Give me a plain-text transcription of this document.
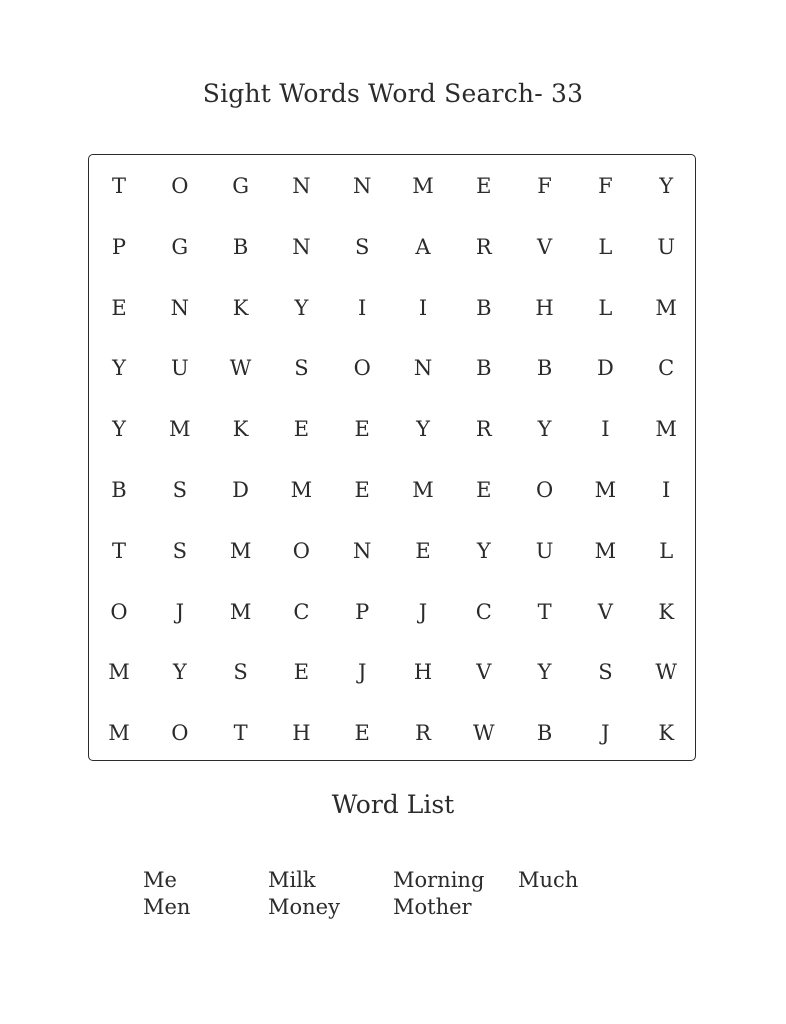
Sight Words Word Search- 33
T	O	G	N	N	M	E	F	F	Y
P	G	B	N	S	A	R	V	L	U
E	N	K	Y	I	I	B	H	L	M
Y	U	W	S	O	N	B	B	D	C
Y	M	K	E	E	Y	R	Y	I	M
B	S	D	M	E	M	E	O	M	I
T	S	M	O	N	E	Y	U	M	L
O	J	M	C	P	J	C	T	V	K
M	Y	S	E	J	H	V	Y	S	W
M	O	T	H	E	R	W	B	J	K
Word List
Me
Men
Milk
Money
Morning
Mother
Much
